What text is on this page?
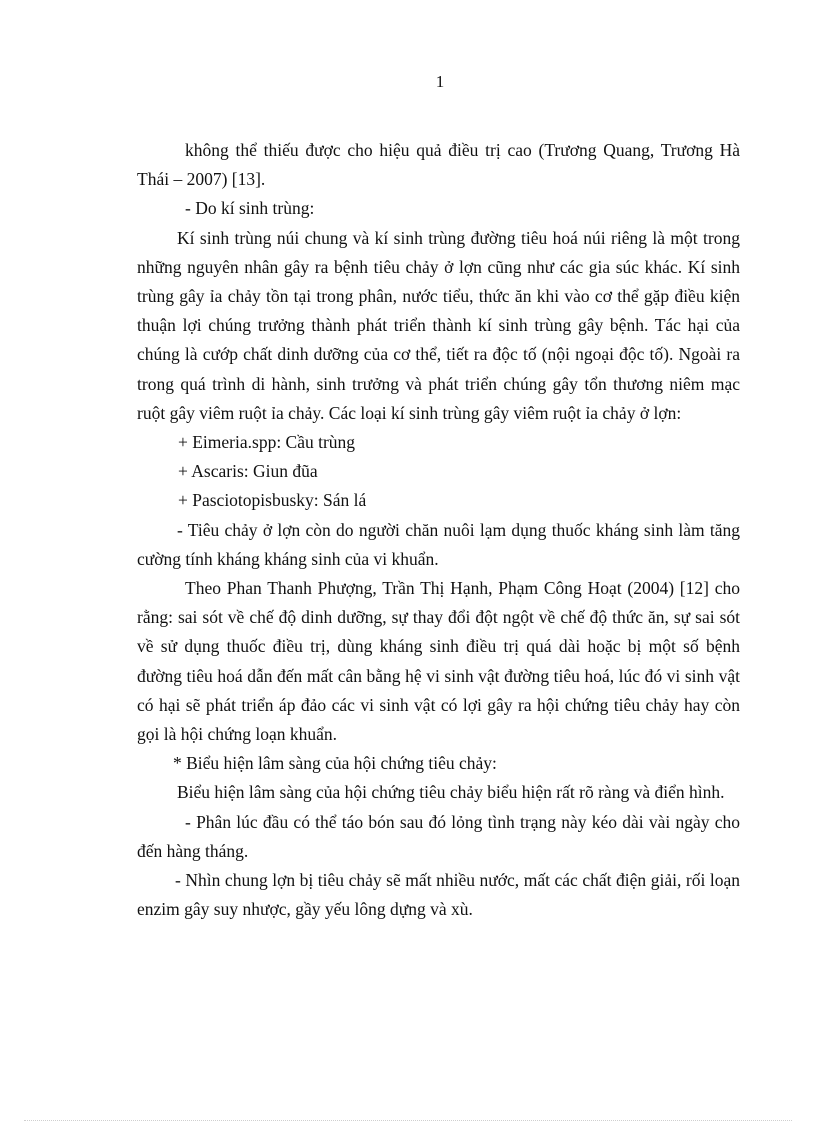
1

không thể thiếu được cho hiệu quả điều trị cao (Trương Quang, Trương Hà Thái – 2007) [13].

- Do kí sinh trùng:

Kí sinh trùng núi chung và kí sinh trùng đường tiêu hoá núi riêng là một trong những nguyên nhân gây ra bệnh tiêu chảy ở lợn cũng như các gia súc khác. Kí sinh trùng gây ỉa chảy tồn tại trong phân, nước tiểu, thức ăn khi vào cơ thể gặp điều kiện thuận lợi chúng trưởng thành phát triển thành kí sinh trùng gây bệnh. Tác hại của chúng là cướp chất dinh dưỡng của cơ thể, tiết ra độc tố (nội ngoại độc tố). Ngoài ra trong quá trình di hành, sinh trưởng và phát triển chúng gây tổn thương niêm mạc ruột gây viêm ruột ỉa chảy. Các loại kí sinh trùng gây viêm ruột ỉa chảy ở lợn:

+ Eimeria.spp: Cầu trùng

+ Ascaris: Giun đũa

+ Pasciotopisbusky: Sán lá

- Tiêu chảy ở lợn còn do người chăn nuôi lạm dụng thuốc kháng sinh làm tăng cường tính kháng kháng sinh của vi khuẩn.

Theo Phan Thanh Phượng, Trần Thị Hạnh, Phạm Công Hoạt (2004) [12] cho rằng: sai sót về chế độ dinh dưỡng, sự thay đổi đột ngột về chế độ thức ăn, sự sai sót về sử dụng thuốc điều trị, dùng kháng sinh điều trị quá dài hoặc bị một số bệnh đường tiêu hoá dẫn đến mất cân bằng hệ vi sinh vật đường tiêu hoá, lúc đó vi sinh vật có hại sẽ phát triển áp đảo các vi sinh vật có lợi gây ra hội chứng tiêu chảy hay còn gọi là hội chứng loạn khuẩn.

* Biểu hiện lâm sàng của hội chứng tiêu chảy:

Biểu hiện lâm sàng của hội chứng tiêu chảy biểu hiện rất rõ ràng và điển hình.

- Phân lúc đầu có thể táo bón sau đó lỏng tình trạng này kéo dài vài ngày cho đến hàng tháng.

- Nhìn chung lợn bị tiêu chảy sẽ mất nhiều nước, mất các chất điện giải, rối loạn enzim gây suy nhược, gầy yếu lông dựng và xù.
